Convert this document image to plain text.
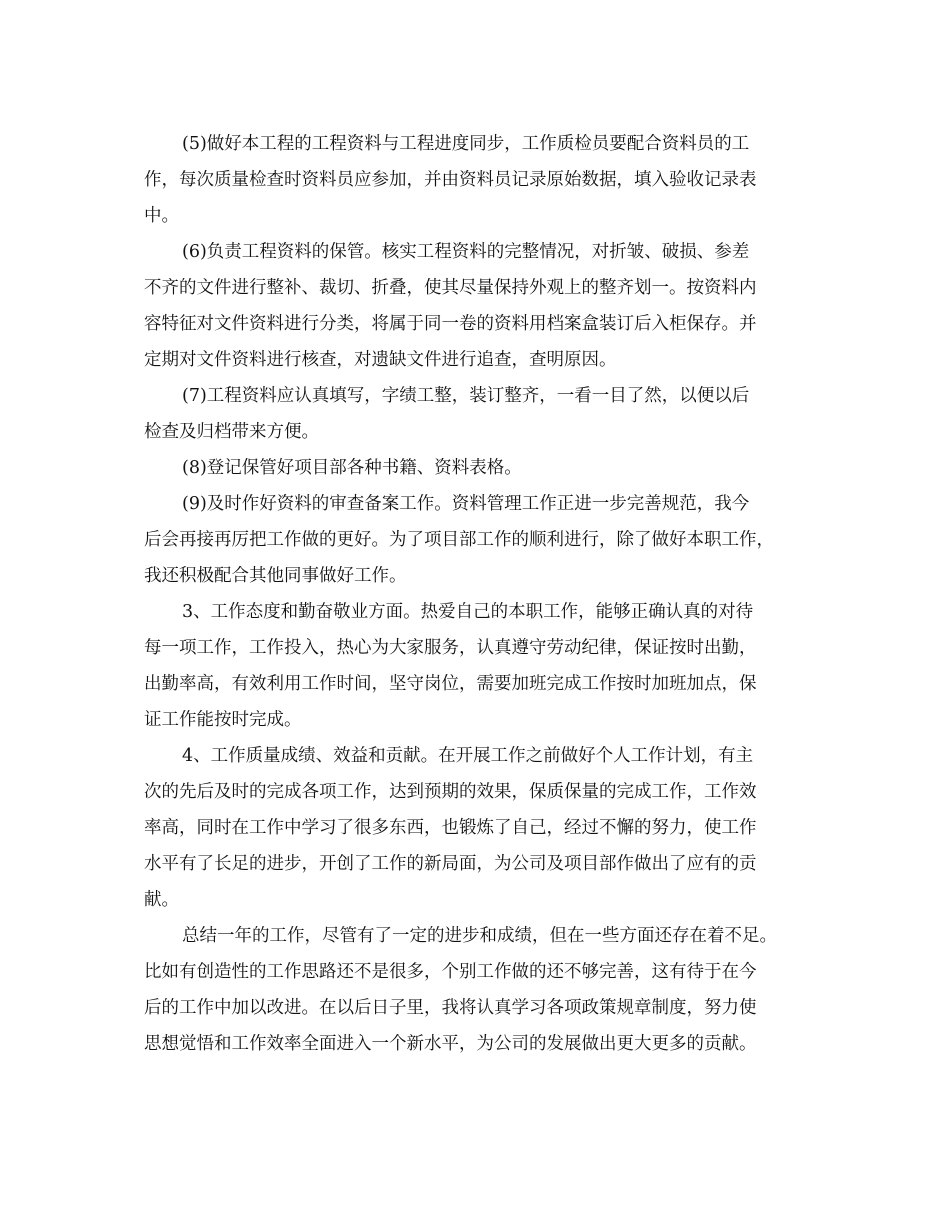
(5)做好本工程的工程资料与工程进度同步，工作质检员要配合资料员的工
作，每次质量检查时资料员应参加，并由资料员记录原始数据，填入验收记录表
中。

(6)负责工程资料的保管。核实工程资料的完整情况，对折皱、破损、参差
不齐的文件进行整补、裁切、折叠，使其尽量保持外观上的整齐划一。按资料内
容特征对文件资料进行分类，将属于同一卷的资料用档案盒装订后入柜保存。并
定期对文件资料进行核查，对遗缺文件进行追查，查明原因。

(7)工程资料应认真填写，字绩工整，装订整齐，一看一目了然，以便以后
检查及归档带来方便。

(8)登记保管好项目部各种书籍、资料表格。

(9)及时作好资料的审查备案工作。资料管理工作正进一步完善规范，我今
后会再接再厉把工作做的更好。为了项目部工作的顺利进行，除了做好本职工作，
我还积极配合其他同事做好工作。

3、工作态度和勤奋敬业方面。热爱自己的本职工作，能够正确认真的对待
每一项工作，工作投入，热心为大家服务，认真遵守劳动纪律，保证按时出勤，
出勤率高，有效利用工作时间，坚守岗位，需要加班完成工作按时加班加点，保
证工作能按时完成。

4、工作质量成绩、效益和贡献。在开展工作之前做好个人工作计划，有主
次的先后及时的完成各项工作，达到预期的效果，保质保量的完成工作，工作效
率高，同时在工作中学习了很多东西，也锻炼了自己，经过不懈的努力，使工作
水平有了长足的进步，开创了工作的新局面，为公司及项目部作做出了应有的贡
献。

总结一年的工作，尽管有了一定的进步和成绩，但在一些方面还存在着不足。
比如有创造性的工作思路还不是很多，个别工作做的还不够完善，这有待于在今
后的工作中加以改进。在以后日子里，我将认真学习各项政策规章制度，努力使
思想觉悟和工作效率全面进入一个新水平，为公司的发展做出更大更多的贡献。
